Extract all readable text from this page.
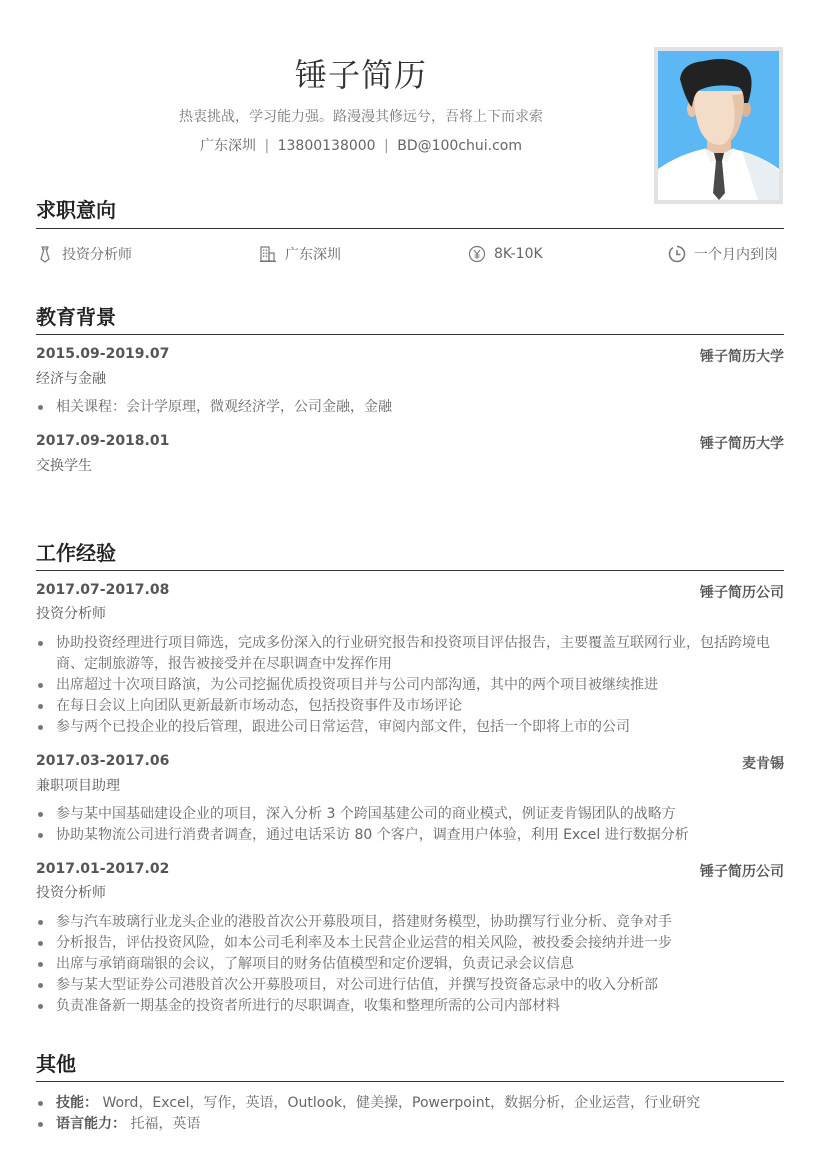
锤子简历
热衷挑战，学习能力强。路漫漫其修远兮，吾将上下而求索
广东深圳 | 13800138000 | BD@100chui.com
求职意向
投资分析师	广东深圳	8K-10K	一个月内到岗
教育背景
2015.09-2019.07	锤子简历大学
经济与金融
相关课程：会计学原理，微观经济学，公司金融，金融
2017.09-2018.01	锤子简历大学
交换学生
工作经验
2017.07-2017.08	锤子简历公司
投资分析师
协助投资经理进行项目筛选，完成多份深入的行业研究报告和投资项目评估报告，主要覆盖互联网行业，包括跨境电商、定制旅游等，报告被接受并在尽职调查中发挥作用
出席超过十次项目路演，为公司挖掘优质投资项目并与公司内部沟通，其中的两个项目被继续推进
在每日会议上向团队更新最新市场动态，包括投资事件及市场评论
参与两个已投企业的投后管理，跟进公司日常运营，审阅内部文件，包括一个即将上市的公司
2017.03-2017.06	麦肯锡
兼职项目助理
参与某中国基础建设企业的项目，深入分析 3 个跨国基建公司的商业模式，例证麦肯锡团队的战略方
协助某物流公司进行消费者调查，通过电话采访 80 个客户，调查用户体验，利用 Excel 进行数据分析
2017.01-2017.02	锤子简历公司
投资分析师
参与汽车玻璃行业龙头企业的港股首次公开募股项目，搭建财务模型，协助撰写行业分析、竞争对手
分析报告，评估投资风险，如本公司毛利率及本土民营企业运营的相关风险，被投委会接纳并进一步
出席与承销商瑞银的会议，了解项目的财务估值模型和定价逻辑，负责记录会议信息
参与某大型证券公司港股首次公开募股项目，对公司进行估值，并撰写投资备忘录中的收入分析部
负责准备新一期基金的投资者所进行的尽职调查，收集和整理所需的公司内部材料
其他
技能： Word，Excel，写作，英语，Outlook，健美操，Powerpoint，数据分析，企业运营，行业研究
语言能力： 托福，英语
